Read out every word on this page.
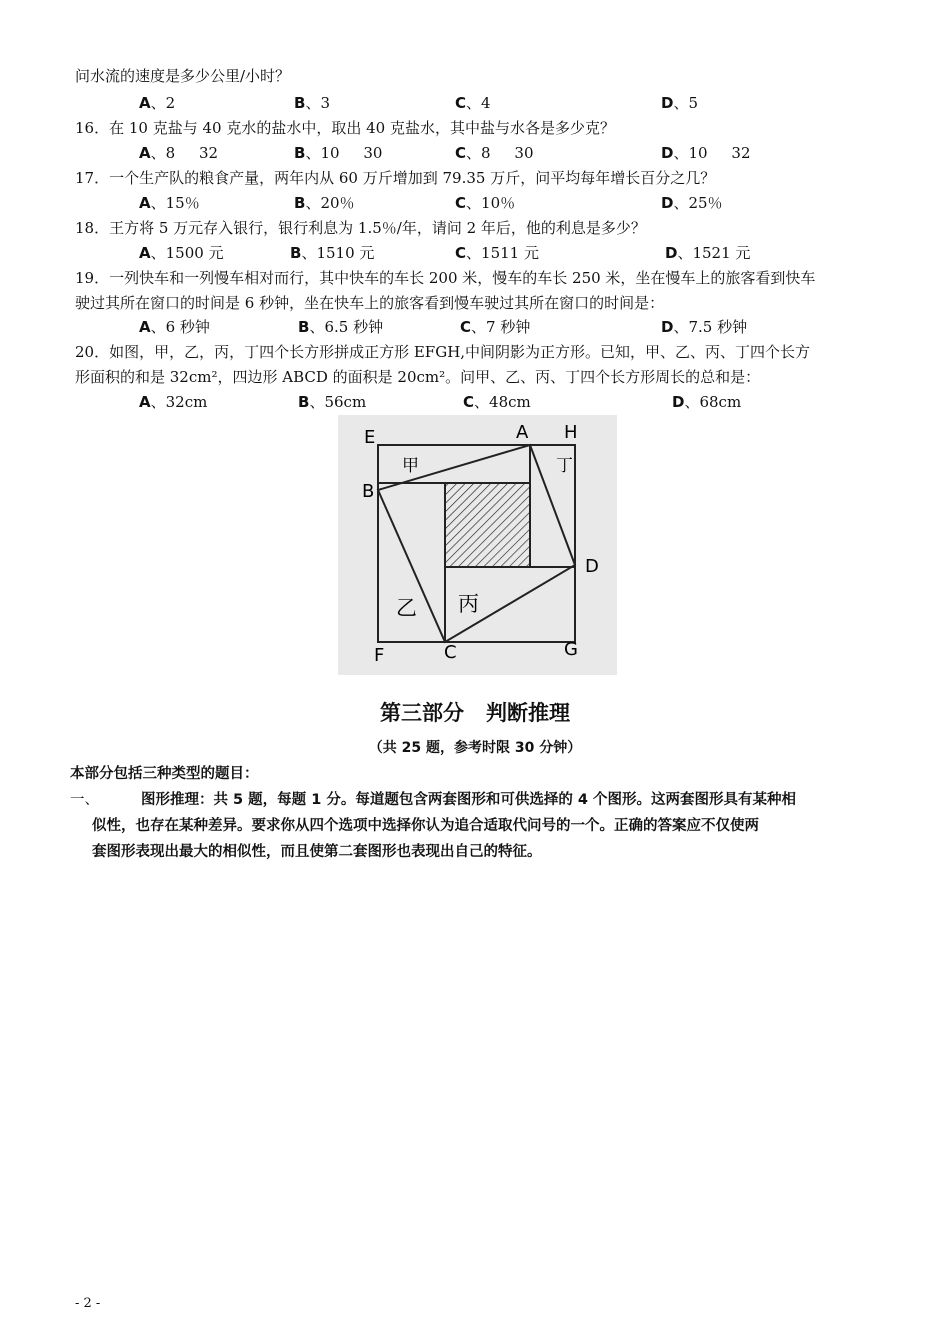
问水流的速度是多少公里/小时？
A、2	B、3	C、4	D、5
16．在 10 克盐与 40 克水的盐水中，取出 40 克盐水，其中盐与水各是多少克？
A、8     32	B、10     30	C、8     30	D、10     32
17．一个生产队的粮食产量，两年内从 60 万斤增加到 79.35 万斤，问平均每年增长百分之几？
A、15％	B、20％	C、10％	D、25％
18．王方将 5 万元存入银行，银行利息为 1.5％/年，请问 2 年后，他的利息是多少？
A、1500 元	B、1510 元	C、1511 元	D、1521 元
19．一列快车和一列慢车相对而行，其中快车的车长 200 米，慢车的车长 250 米，坐在慢车上的旅客看到快车
驶过其所在窗口的时间是 6 秒钟，坐在快车上的旅客看到慢车驶过其所在窗口的时间是：
A、6 秒钟	B、6.5 秒钟	C、7 秒钟	D、7.5 秒钟
20．如图，甲，乙，丙，丁四个长方形拼成正方形 EFGH,中间阴影为正方形。已知，甲、乙、丙、丁四个长方
形面积的和是 32cm²，四边形 ABCD 的面积是 20cm²。问甲、乙、丙、丁四个长方形周长的总和是：
A、32cm	B、56cm	C、48cm	D、68cm
E	A H
B
D
F	C	G
甲	丁
乙 丙
第三部分   判断推理
（共 25 题，参考时限 30 分钟）
本部分包括三种类型的题目：
一、	图形推理：共 5 题，每题 1 分。每道题包含两套图形和可供选择的 4 个图形。这两套图形具有某种相
似性，也存在某种差异。要求你从四个选项中选择你认为追合适取代问号的一个。正确的答案应不仅使两
套图形表现出最大的相似性，而且使第二套图形也表现出自己的特征。
- 2 -
